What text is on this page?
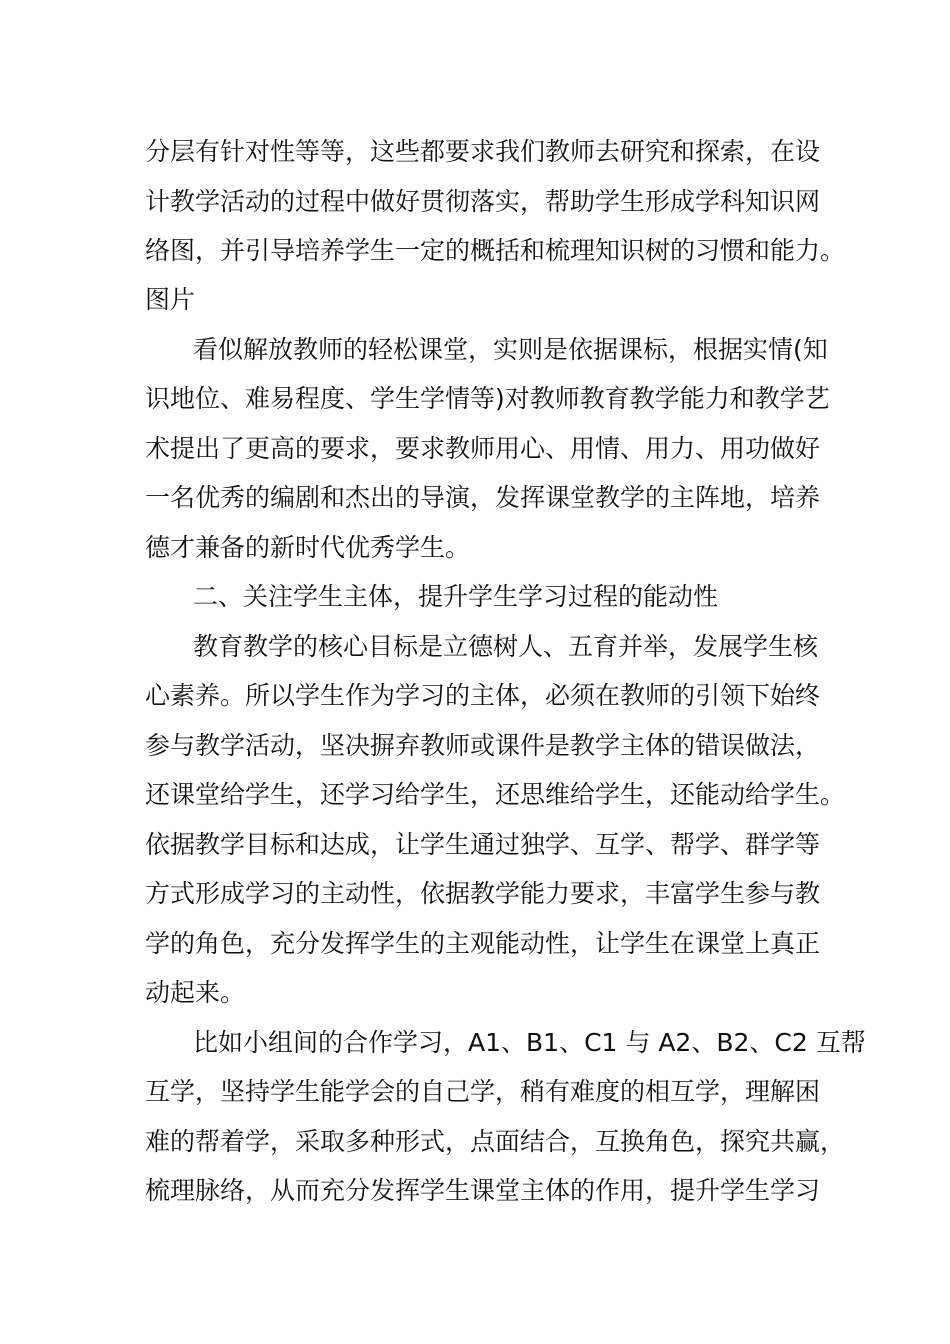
分层有针对性等等，这些都要求我们教师去研究和探索，在设
计教学活动的过程中做好贯彻落实，帮助学生形成学科知识网
络图，并引导培养学生一定的概括和梳理知识树的习惯和能力。
图片
看似解放教师的轻松课堂，实则是依据课标，根据实情(知
识地位、难易程度、学生学情等)对教师教育教学能力和教学艺
术提出了更高的要求，要求教师用心、用情、用力、用功做好
一名优秀的编剧和杰出的导演，发挥课堂教学的主阵地，培养
德才兼备的新时代优秀学生。
二、关注学生主体，提升学生学习过程的能动性
教育教学的核心目标是立德树人、五育并举，发展学生核
心素养。所以学生作为学习的主体，必须在教师的引领下始终
参与教学活动，坚决摒弃教师或课件是教学主体的错误做法，
还课堂给学生，还学习给学生，还思维给学生，还能动给学生。
依据教学目标和达成，让学生通过独学、互学、帮学、群学等
方式形成学习的主动性，依据教学能力要求，丰富学生参与教
学的角色，充分发挥学生的主观能动性，让学生在课堂上真正
动起来。
比如小组间的合作学习，A1、B1、C1 与 A2、B2、C2 互帮
互学，坚持学生能学会的自己学，稍有难度的相互学，理解困
难的帮着学，采取多种形式，点面结合，互换角色，探究共赢，
梳理脉络，从而充分发挥学生课堂主体的作用，提升学生学习
